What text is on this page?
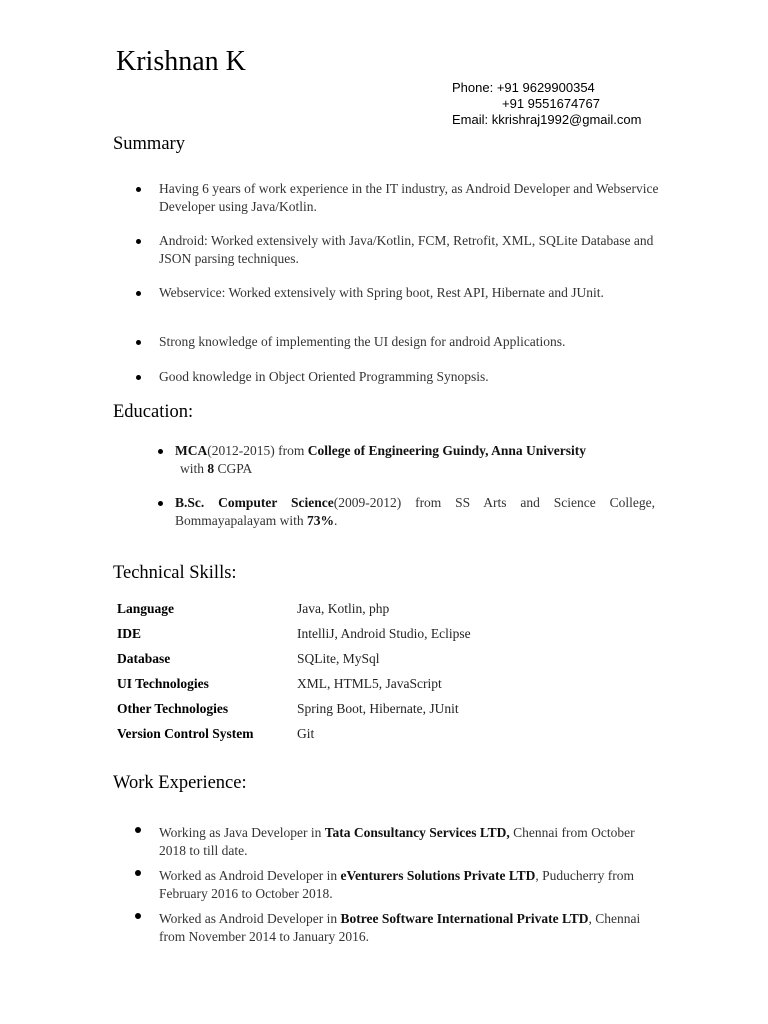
Krishnan K
Phone: +91 9629900354
+91 9551674767
Email: kkrishraj1992@gmail.com
Summary
Having 6 years of work experience in the IT industry, as Android Developer and Webservice Developer using Java/Kotlin.
Android: Worked extensively with Java/Kotlin, FCM, Retrofit, XML, SQLite Database and JSON parsing techniques.
Webservice: Worked extensively with Spring boot, Rest API, Hibernate and JUnit.
Strong knowledge of implementing the UI design for android Applications.
Good knowledge in Object Oriented Programming Synopsis.
Education:
MCA(2012-2015) from College of Engineering Guindy, Anna University
with 8 CGPA
B.Sc. Computer Science(2009-2012) from SS Arts and Science College, Bommayapalayam with 73%.
Technical Skills:
Language	Java, Kotlin, php
IDE	IntelliJ, Android Studio, Eclipse
Database	SQLite, MySql
UI Technologies	XML, HTML5, JavaScript
Other Technologies	Spring Boot, Hibernate, JUnit
Version Control System	Git
Work Experience:
Working as Java Developer in Tata Consultancy Services LTD, Chennai from October 2018 to till date.
Worked as Android Developer in eVenturers Solutions Private LTD, Puducherry from February 2016 to October 2018.
Worked as Android Developer in Botree Software International Private LTD, Chennai from November 2014 to January 2016.
